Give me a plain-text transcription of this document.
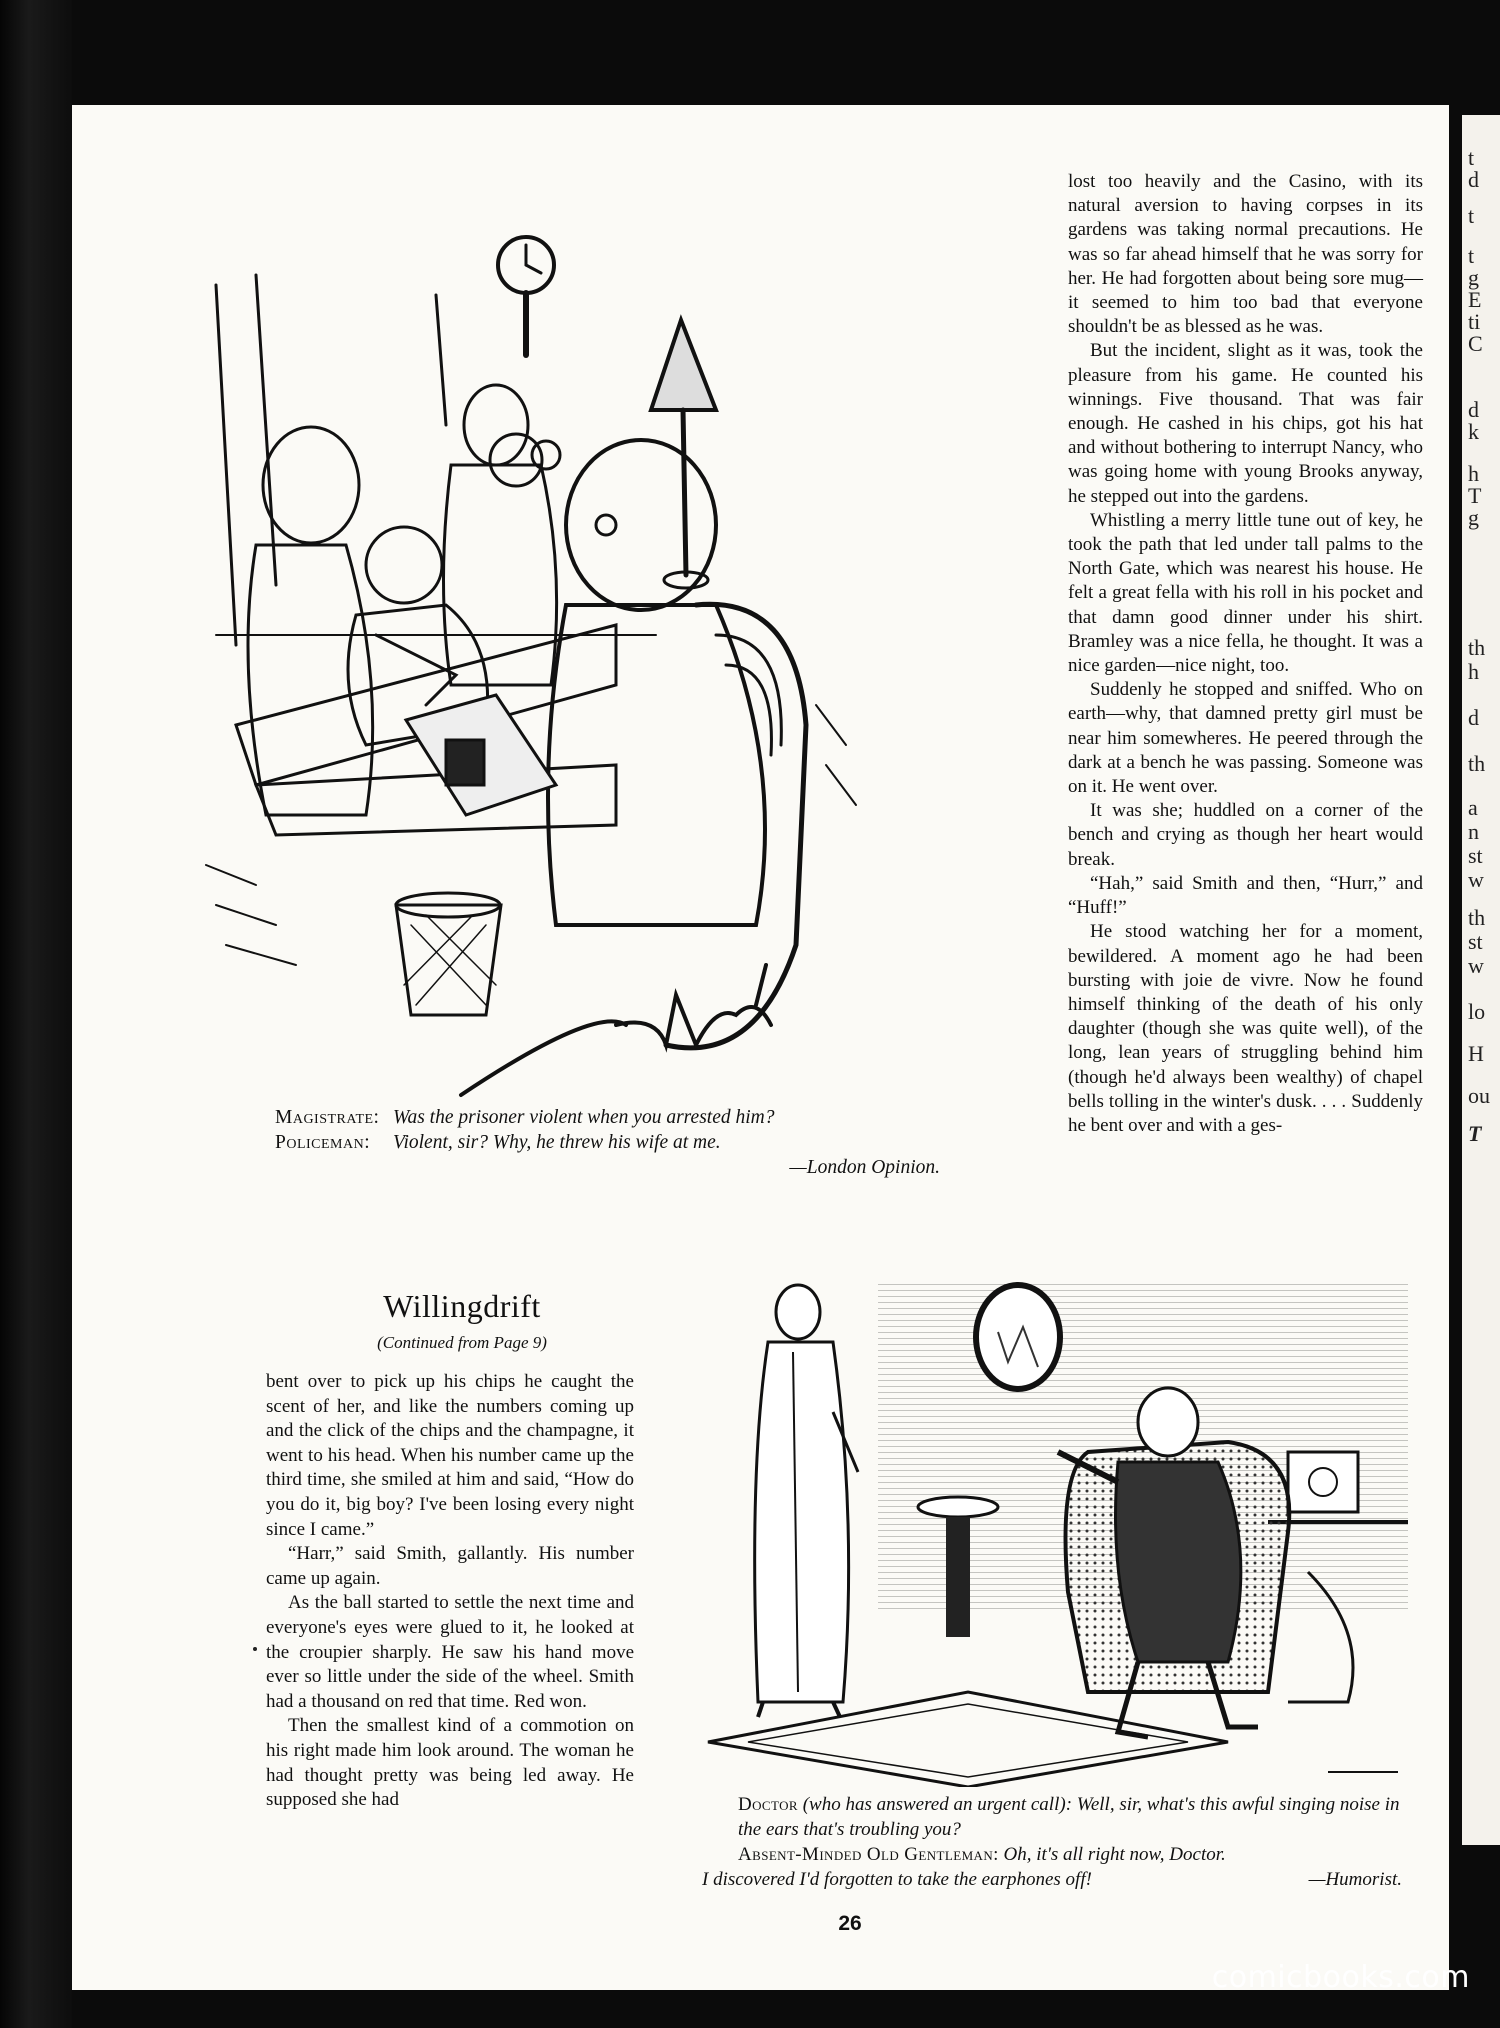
t
d
t
t
g
E
ti
C
d
k
h
T
g
th
h
d
th
a
n
st
w
th
st
w
lo
H
ou
T
Magistrate: Was the prisoner violent when you arrested him?
Policeman: Violent, sir? Why, he threw his wife at me.
—London Opinion.

lost too heavily and the Casino, with its natural aversion to having corpses in its gardens was taking normal precautions. He was so far ahead himself that he was sorry for her. He had forgotten about being sore mug—it seemed to him too bad that everyone shouldn't be as blessed as he was.

But the incident, slight as it was, took the pleasure from his game. He counted his winnings. Five thousand. That was fair enough. He cashed in his chips, got his hat and without bothering to interrupt Nancy, who was going home with young Brooks anyway, he stepped out into the gardens.

Whistling a merry little tune out of key, he took the path that led under tall palms to the North Gate, which was nearest his house. He felt a great fella with his roll in his pocket and that damn good dinner under his shirt. Bramley was a nice fella, he thought. It was a nice garden—nice night, too.

Suddenly he stopped and sniffed. Who on earth—why, that damned pretty girl must be near him somewheres. He peered through the dark at a bench he was passing. Someone was on it. He went over.

It was she; huddled on a corner of the bench and crying as though her heart would break.

“Hah,” said Smith and then, “Hurr,” and “Huff!”

He stood watching her for a moment, bewildered. A moment ago he had been bursting with joie de vivre. Now he found himself thinking of the death of his only daughter (though she was quite well), of the long, lean years of struggling behind him (though he'd always been wealthy) of chapel bells tolling in the winter's dusk. . . . Suddenly he bent over and with a ges-

Willingdrift
(Continued from Page 9)

bent over to pick up his chips he caught the scent of her, and like the numbers coming up and the click of the chips and the champagne, it went to his head. When his number came up the third time, she smiled at him and said, “How do you do it, big boy? I've been losing every night since I came.”

“Harr,” said Smith, gallantly. His number came up again.

As the ball started to settle the next time and everyone's eyes were glued to it, he looked at the croupier sharply. He saw his hand move ever so little under the side of the wheel. Smith had a thousand on red that time. Red won.

Then the smallest kind of a commotion on his right made him look around. The woman he had thought pretty was being led away. He supposed she had	Doctor (who has answered an urgent call): Well, sir, what's this awful singing noise in the ears that's troubling you?
Absent-Minded Old Gentleman: Oh, it's all right now, Doctor.
I discovered I'd forgotten to take the earphones off!	—Humorist.
26
comicbooks.com
